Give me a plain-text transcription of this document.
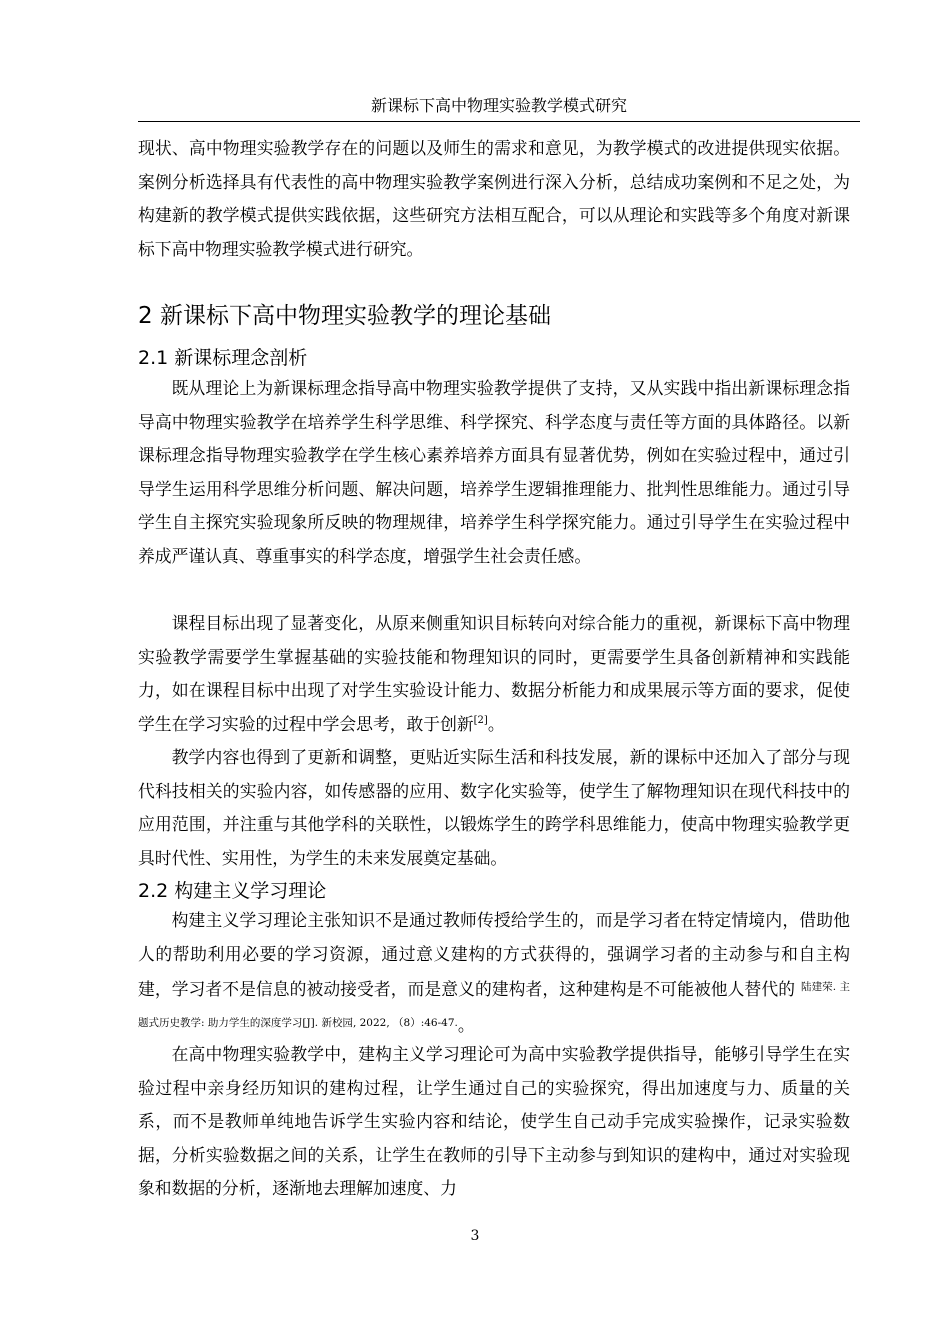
新课标下高中物理实验教学模式研究

现状、高中物理实验教学存在的问题以及师生的需求和意见，为教学模式的改进提供现实依据。案例分析选择具有代表性的高中物理实验教学案例进行深入分析，总结成功案例和不足之处，为构建新的教学模式提供实践依据，这些研究方法相互配合，可以从理论和实践等多个角度对新课标下高中物理实验教学模式进行研究。

2 新课标下高中物理实验教学的理论基础
2.1 新课标理念剖析

既从理论上为新课标理念指导高中物理实验教学提供了支持，又从实践中指出新课标理念指导高中物理实验教学在培养学生科学思维、科学探究、科学态度与责任等方面的具体路径。以新课标理念指导物理实验教学在学生核心素养培养方面具有显著优势，例如在实验过程中，通过引导学生运用科学思维分析问题、解决问题，培养学生逻辑推理能力、批判性思维能力。通过引导学生自主探究实验现象所反映的物理规律，培养学生科学探究能力。通过引导学生在实验过程中养成严谨认真、尊重事实的科学态度，增强学生社会责任感。

课程目标出现了显著变化，从原来侧重知识目标转向对综合能力的重视，新课标下高中物理实验教学需要学生掌握基础的实验技能和物理知识的同时，更需要学生具备创新精神和实践能力，如在课程目标中出现了对学生实验设计能力、数据分析能力和成果展示等方面的要求，促使学生在学习实验的过程中学会思考，敢于创新[2]。

教学内容也得到了更新和调整，更贴近实际生活和科技发展，新的课标中还加入了部分与现代科技相关的实验内容，如传感器的应用、数字化实验等，使学生了解物理知识在现代科技中的应用范围，并注重与其他学科的关联性，以锻炼学生的跨学科思维能力，使高中物理实验教学更具时代性、实用性，为学生的未来发展奠定基础。

2.2 构建主义学习理论

构建主义学习理论主张知识不是通过教师传授给学生的，而是学习者在特定情境内，借助他人的帮助利用必要的学习资源，通过意义建构的方式获得的，强调学习者的主动参与和自主构建，学习者不是信息的被动接受者，而是意义的建构者，这种建构是不可能被他人替代的 $^{陆建荣. 主题式历史教学: 助力学生的深度学习[J]. 新校园, 2022, (8):46-47.}$。

在高中物理实验教学中，建构主义学习理论可为高中实验教学提供指导，能够引导学生在实验过程中亲身经历知识的建构过程，让学生通过自己的实验探究，得出加速度与力、质量的关系，而不是教师单纯地告诉学生实验内容和结论，使学生自己动手完成实验操作，记录实验数据，分析实验数据之间的关系，让学生在教师的引导下主动参与到知识的建构中，通过对实验现象和数据的分析，逐渐地去理解加速度、力

3
